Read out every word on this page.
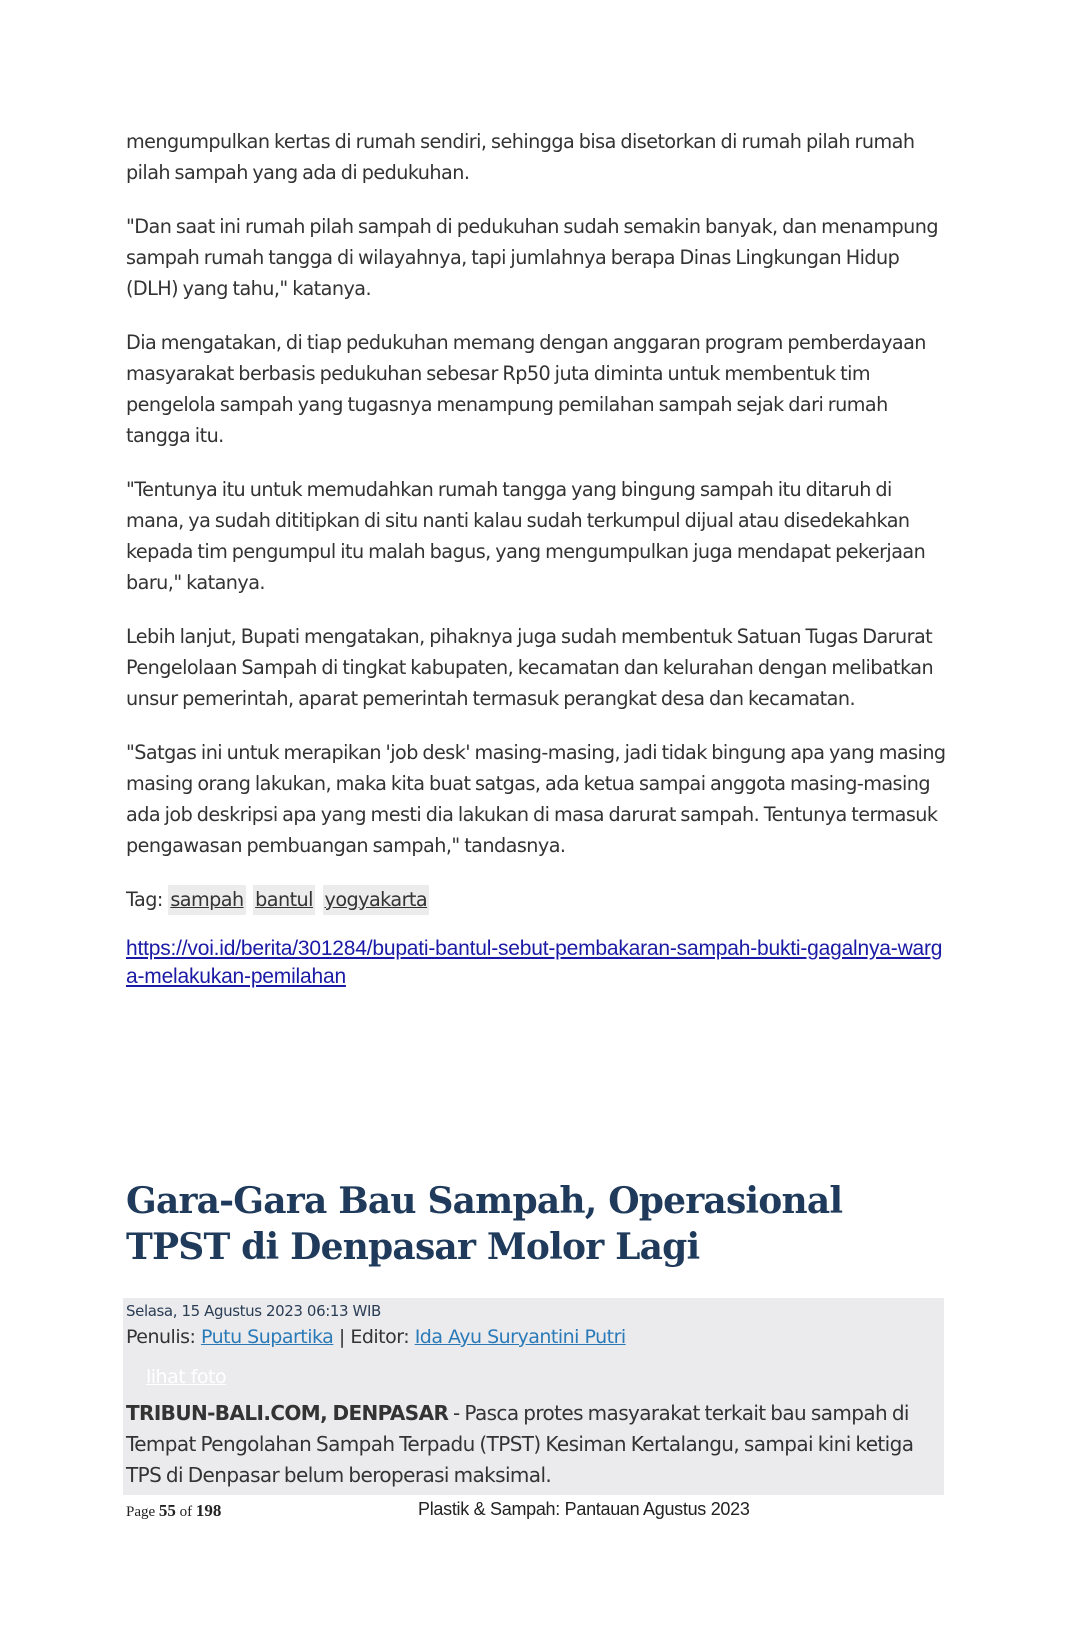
mengumpulkan kertas di rumah sendiri, sehingga bisa disetorkan di rumah pilah rumah pilah sampah yang ada di pedukuhan.

"Dan saat ini rumah pilah sampah di pedukuhan sudah semakin banyak, dan menampung sampah rumah tangga di wilayahnya, tapi jumlahnya berapa Dinas Lingkungan Hidup (DLH) yang tahu," katanya.

Dia mengatakan, di tiap pedukuhan memang dengan anggaran program pemberdayaan masyarakat berbasis pedukuhan sebesar Rp50 juta diminta untuk membentuk tim pengelola sampah yang tugasnya menampung pemilahan sampah sejak dari rumah tangga itu.

"Tentunya itu untuk memudahkan rumah tangga yang bingung sampah itu ditaruh di mana, ya sudah dititipkan di situ nanti kalau sudah terkumpul dijual atau disedekahkan kepada tim pengumpul itu malah bagus, yang mengumpulkan juga mendapat pekerjaan baru," katanya.

Lebih lanjut, Bupati mengatakan, pihaknya juga sudah membentuk Satuan Tugas Darurat Pengelolaan Sampah di tingkat kabupaten, kecamatan dan kelurahan dengan melibatkan unsur pemerintah, aparat pemerintah termasuk perangkat desa dan kecamatan.

"Satgas ini untuk merapikan 'job desk' masing-masing, jadi tidak bingung apa yang masing masing orang lakukan, maka kita buat satgas, ada ketua sampai anggota masing-masing ada job deskripsi apa yang mesti dia lakukan di masa darurat sampah. Tentunya termasuk pengawasan pembuangan sampah," tandasnya.

Tag: sampah bantul yogyakarta
https://voi.id/berita/301284/bupati-bantul-sebut-pembakaran-sampah-bukti-gagalnya-warga-melakukan-pemilahan
Gara-Gara Bau Sampah, Operasional TPST di Denpasar Molor Lagi
Selasa, 15 Agustus 2023 06:13 WIB
Penulis: Putu Supartika | Editor: Ida Ayu Suryantini Putri
lihat foto
TRIBUN-BALI.COM, DENPASAR - Pasca protes masyarakat terkait bau sampah di Tempat Pengolahan Sampah Terpadu (TPST) Kesiman Kertalangu, sampai kini ketiga TPS di Denpasar belum beroperasi maksimal.
Page 55 of 198	Plastik & Sampah: Pantauan Agustus 2023
